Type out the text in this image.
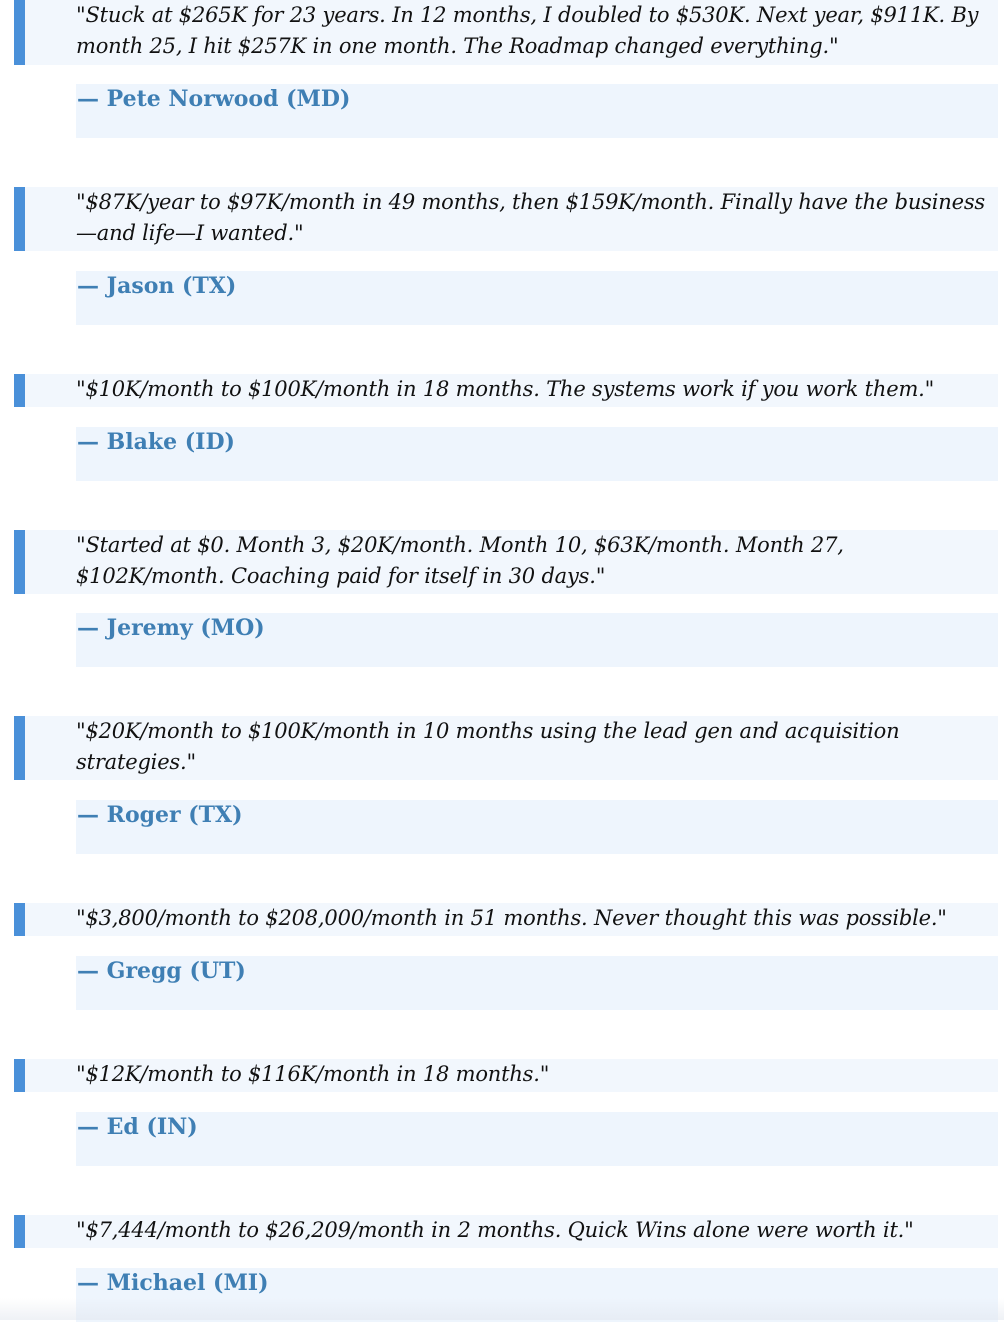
"Stuck at $265K for 23 years. In 12 months, I doubled to $530K. Next year, $911K. By month 25, I hit $257K in one month. The Roadmap changed everything."
— Pete Norwood (MD)
"$87K/year to $97K/month in 49 months, then $159K/month. Finally have the business—and life—I wanted."
— Jason (TX)
"$10K/month to $100K/month in 18 months. The systems work if you work them."
— Blake (ID)
"Started at $0. Month 3, $20K/month. Month 10, $63K/month. Month 27, $102K/month. Coaching paid for itself in 30 days."
— Jeremy (MO)
"$20K/month to $100K/month in 10 months using the lead gen and acquisition strategies."
— Roger (TX)
"$3,800/month to $208,000/month in 51 months. Never thought this was possible."
— Gregg (UT)
"$12K/month to $116K/month in 18 months."
— Ed (IN)
"$7,444/month to $26,209/month in 2 months. Quick Wins alone were worth it."
— Michael (MI)
